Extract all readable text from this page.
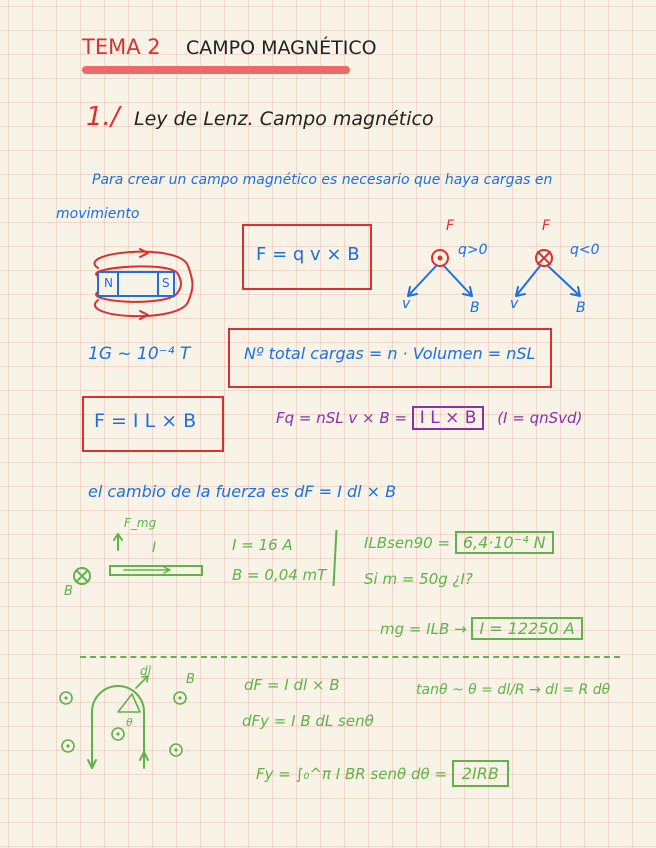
TEMA 2 CAMPO MAGNÉTICO
1./ Ley de Lenz. Campo magnético
Para crear un campo magnético es necesario que haya cargas en
movimiento
N	S
F = q v × B
F	F
q>0	q<0
v	B v	B
1G ~ 10⁻⁴ T	Nº total cargas = n · Volumen = nSL
F = I L × B	Fq = nSL v × B = I L × B (I = qnSvd)
el cambio de la fuerza es dF = I dl × B
F_mg
I
B
I = 16 A
B = 0,04 mT
ILBsen90 = 6,4·10⁻⁴ N
Si m = 50g ¿I?
mg = ILB → I = 12250 A
dl
B
θ
dF = I dl × B	tanθ ~ θ = dl/R → dl = R dθ
dFy = I B dL senθ
Fy = ∫₀^π I BR senθ dθ = 2IRB
